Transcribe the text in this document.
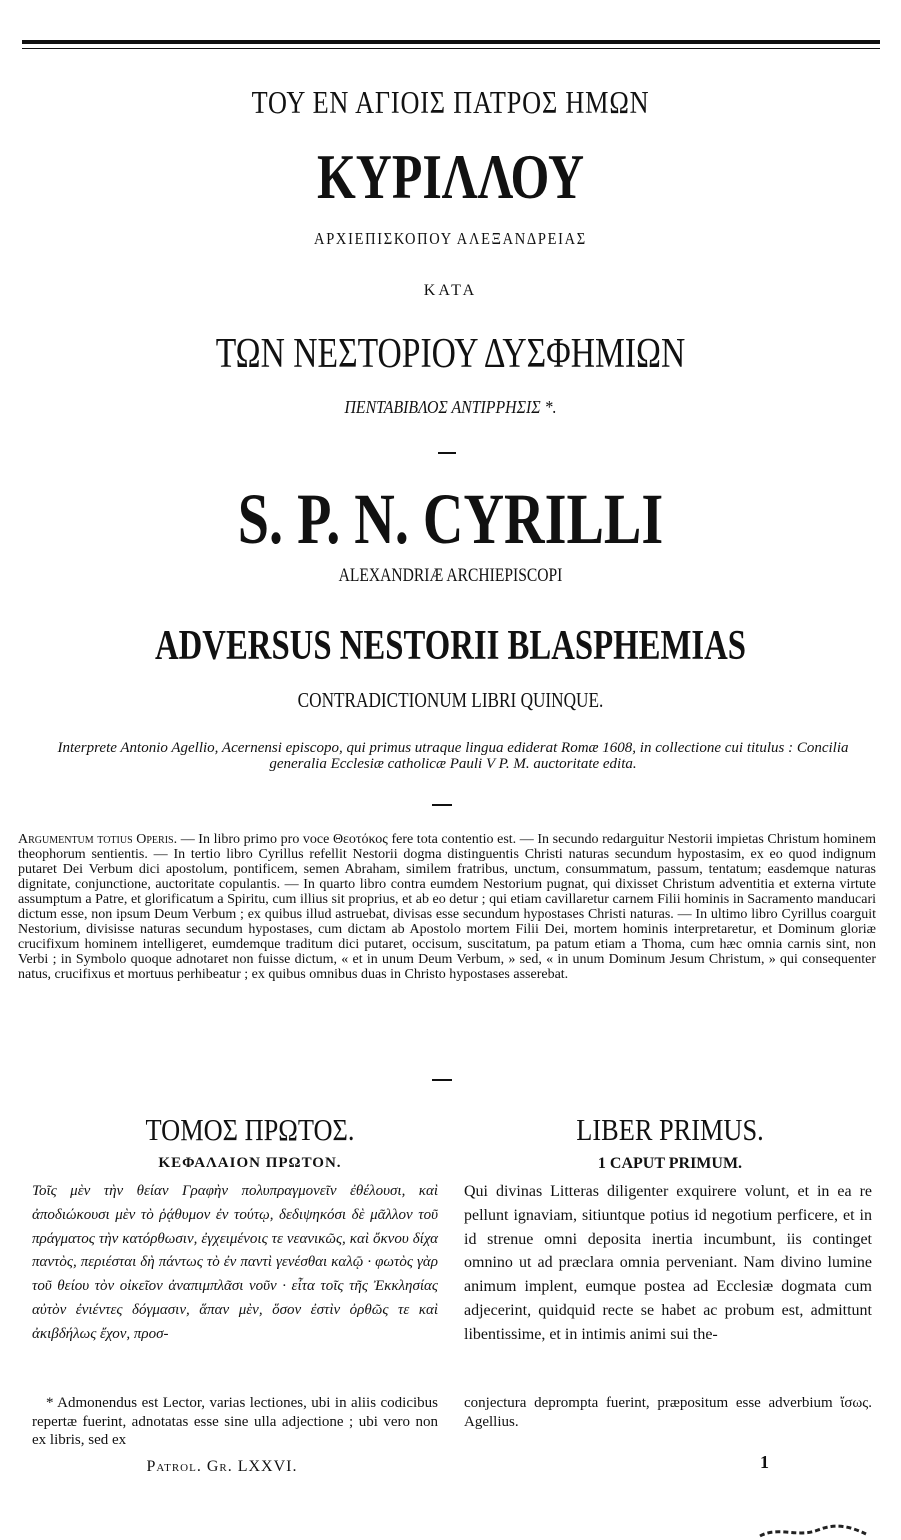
ΤΟΥ ΕΝ ΑΓΙΟΙΣ ΠΑΤΡΟΣ ΗΜΩΝ
ΚΥΡΙΛΛΟΥ
ΑΡΧΙΕΠΙΣΚΟΠΟΥ ΑΛΕΞΑΝΔΡΕΙΑΣ
ΚΑΤΑ
ΤΩΝ ΝΕΣΤΟΡΙΟΥ ΔΥΣΦΗΜΙΩΝ
ΠΕΝΤΑΒΙΒΛΟΣ ΑΝΤΙΡΡΗΣΙΣ *.
S. P. N. CYRILLI
ALEXANDRIÆ ARCHIEPISCOPI
ADVERSUS NESTORII BLASPHEMIAS
CONTRADICTIONUM LIBRI QUINQUE.
Interprete Antonio Agellio, Acernensi episcopo, qui primus utraque lingua ediderat Romæ 1608, in collectione cui titulus : Concilia generalia Ecclesiæ catholicæ Pauli V P. M. auctoritate edita.
Argumentum totius Operis. — In libro primo pro voce Θεοτόκος fere tota contentio est. — In secundo redarguitur Nestorii impietas Christum hominem theophorum sentientis. — In tertio libro Cyrillus refellit Nestorii dogma distinguentis Christi naturas secundum hypostasim, ex eo quod indignum putaret Dei Verbum dici apostolum, pontificem, semen Abraham, similem fratribus, unctum, consummatum, passum, tentatum; easdemque naturas dignitate, conjunctione, auctoritate copulantis. — In quarto libro contra eumdem Nestorium pugnat, qui dixisset Christum adventitia et externa virtute assumptum a Patre, et glorificatum a Spiritu, cum illius sit proprius, et ab eo detur ; qui etiam cavillaretur carnem Filii hominis in Sacramento manducari dictum esse, non ipsum Deum Verbum ; ex quibus illud astruebat, divisas esse secundum hypostases Christi naturas. — In ultimo libro Cyrillus coarguit Nestorium, divisisse naturas secundum hypostases, cum dictam ab Apostolo mortem Filii Dei, mortem hominis interpretaretur, et Dominum gloriæ crucifixum hominem intelligeret, eumdemque traditum dici putaret, occisum, suscitatum, pa patum etiam a Thoma, cum hæc omnia carnis sint, non Verbi ; in Symbolo quoque adnotaret non fuisse dictum, « et in unum Deum Verbum, » sed, « in unum Dominum Jesum Christum, » qui consequenter natus, crucifixus et mortuus perhibeatur ; ex quibus omnibus duas in Christo hypostases asserebat.
ΤΟΜΟΣ ΠΡΩΤΟΣ.
ΚΕΦΑΛΑΙΟΝ ΠΡΩΤΟΝ.
LIBER PRIMUS.
1 CAPUT PRIMUM.
Τοῖς μὲν τὴν θείαν Γραφὴν πολυπραγμονεῖν ἐθέλουσι, καὶ ἀποδιώκουσι μὲν τὸ ῥᾴθυμον ἐν τούτῳ, δεδιψηκόσι δὲ μᾶλλον τοῦ πράγματος τὴν κατόρθωσιν, ἐγχειμένοις τε νεανικῶς, καὶ ὄκνου δίχα παντὸς, περιέσται δὴ πάντως τὸ ἐν παντὶ γενέσθαι καλῷ · φωτὸς γὰρ τοῦ θείου τὸν οἰκεῖον ἀναπιμπλᾶσι νοῦν · εἶτα τοῖς τῆς Ἐκκλησίας αὐτὸν ἐνιέντες δόγμασιν, ἅπαν μὲν, ὅσον ἐστὶν ὀρθῶς τε καὶ ἀκιβδήλως ἔχον, προσ-
Qui divinas Litteras diligenter exquirere volunt, et in ea re pellunt ignaviam, sitiuntque potius id negotium perficere, et in id strenue omni deposita inertia incumbunt, iis continget omnino ut ad præclara omnia perveniant. Nam divino lumine animum implent, eumque postea ad Ecclesiæ dogmata cum adjecerint, quidquid recte se habet ac probum est, admittunt libentissime, et in intimis animi sui the-
* Admonendus est Lector, varias lectiones, ubi in aliis codicibus repertæ fuerint, adnotatas esse sine ulla adjectione ; ubi vero non ex libris, sed ex
conjectura deprompta fuerint, præpositum esse adverbium ἴσως. Agellius.
Patrol. Gr. LXXVI.	1
